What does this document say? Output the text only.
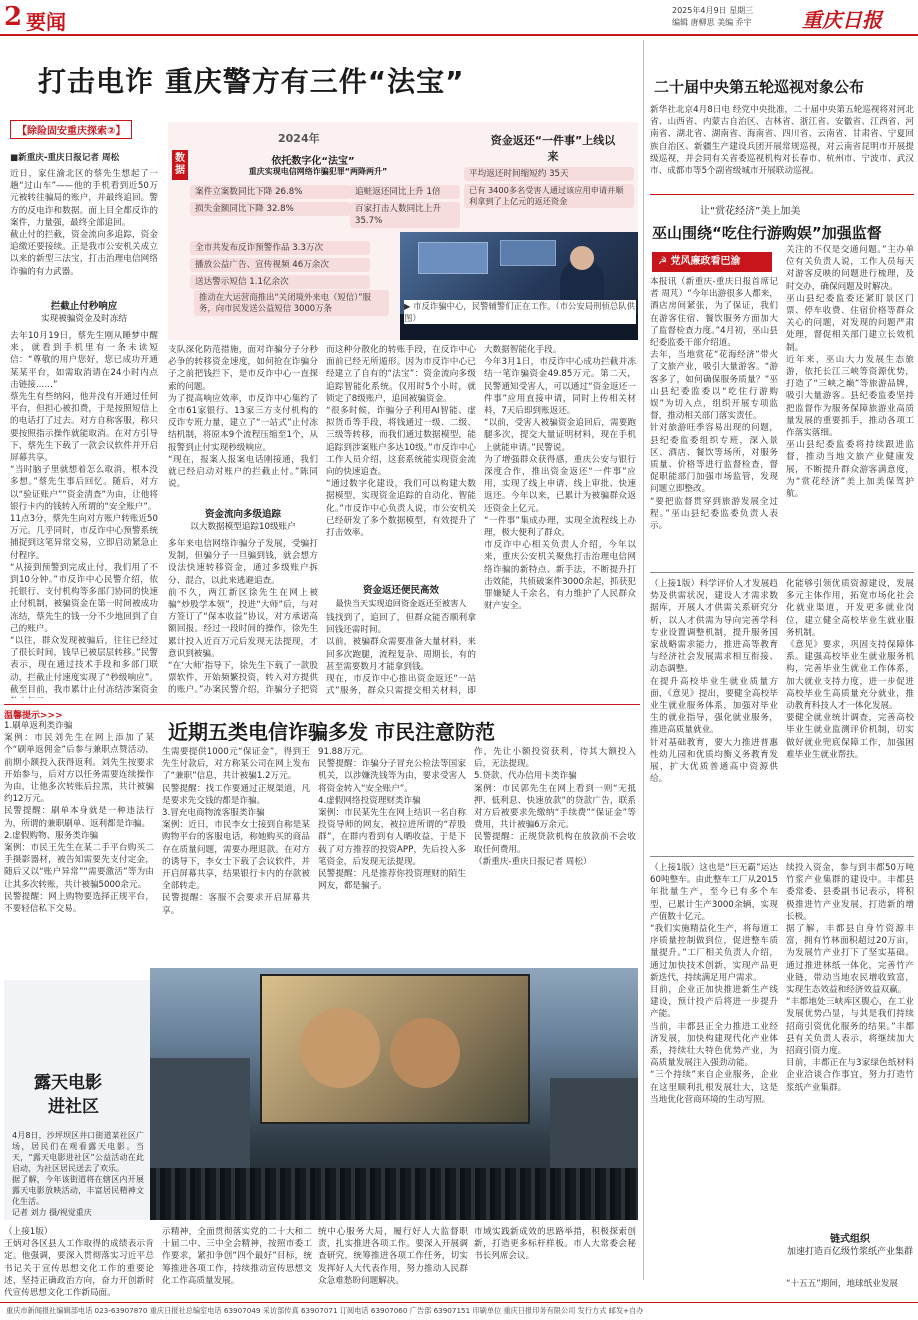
2 要闻	2025年4月9日 星期三
编辑 唐柳思 美编 乔宇	重庆日报
打击电诈 重庆警方有三件“法宝”
【除险固安重庆探索②】
■新重庆-重庆日报记者 周松
近日，家住渝北区的蔡先生想起了一趟“过山车”——他的手机看到近50万元被转往骗局的账户，并最终追回。警方的反电诈和数据。面上目全都反诈的案件，力量强，最终全部追回。
截止付的拦截，资金流向多追踪，资金追缴还要接续。正是我市公安机关成立以来的新型三法宝，打击治理电信网络诈骗的有力武器。
拦截止付秒响应
实现被骗资金及时冻结
去年10月19日，蔡先生刚从睡梦中醒来，就看到手机里有一条未读短信：“尊敬的用户您好，您已成功开通某某平台，如需取消请在24小时内点击链接……”
蔡先生有些纳闷，他并没有开通过任何平台，但担心被扣费，于是按照短信上的电话打了过去。对方自称客服，称只要按照指示操作就能取消。在对方引导下，蔡先生下载了一款会议软件并开启屏幕共享。
“当时脑子里就想着怎么取消，根本没多想。”蔡先生事后回忆。随后，对方以“验证账户”“资金清查”为由，让他将银行卡内的钱转入所谓的“安全账户”。
11点3分，蔡先生向对方账户转账近50万元。几乎同时，市反诈中心预警系统捕捉到这笔异常交易，立即启动紧急止付程序。
“从接到预警到完成止付，我们用了不到10分钟。”市反诈中心民警介绍，依托银行、支付机构等多部门协同的快速止付机制，被骗资金在第一时间被成功冻结，蔡先生的钱一分不少地回到了自己的账户。
“以往，群众发现被骗后，往往已经过了很长时间，钱早已被层层转移。”民警表示，现在通过技术手段和多部门联动，拦截止付速度实现了“秒级响应”。截至目前，我市累计止付冻结涉案资金
数据
2024年
依托数字化“法宝”
重庆实现电信网络诈骗犯罪“两降两升”
案件立案数同比下降 26.8%
损失金额同比下降 32.8%
追赃返还同比上升 1倍
百家打击人数同比上升 35.7%
全市共发布反诈预警作品 3.3万次
播放公益广告、宣传视频 46万余次
送达警示短信 1.1亿余次
推动在大运营商推出“关闭境外来电（短信）”服务，向市民发送公益短信 3000万条
资金返还“一件事”上线以来
平均返还时间缩短约 35天
已有 3400多名受害人通过该应用申请并顺利拿到了上亿元的返还资金
▶ 市反诈骗中心，民警辅警们正在工作。（市公安局刑侦总队供图）
支队深化防范措施，面对诈骗分子分秒必争的转移资金速度，如何抢在诈骗分子之前把钱拦下，是市反诈中心一直探索的问题。
为了提高响应效率，市反诈中心集约了全市61家银行、13家三方支付机构的反诈专班力量，建立了“一站式”止付冻结机制，将原本9个流程压缩至1个，从报警到止付实现秒级响应。
“现在，报案人报案电话刚接通，我们就已经启动对账户的拦截止付。”陈同说。
资金流向多级追踪
以大数据模型追踪10级账户
多年来电信网络诈骗分子发展，受骗打发制，但骗分子一旦骗到钱，就会想方设法快速转移资金，通过多级账户拆分、混合，以此来逃避追查。
前不久，两江新区徐先生在网上被骗“炒股学本领”，投进“大师”后，与对方签订了“保本收益”协议，对方承诺高额回报。经过一段时间的操作，徐先生累计投入近百万元后发现无法提现，才意识到被骗。
“在‘大师’指导下，徐先生下载了一款股票软件，开始频繁投资，转入对方提供的账户。”办案民警介绍，诈骗分子把资

而这种分散化的转账手段，在反诈中心面前已经无所遁形。因为市反诈中心已经建立了自有的“法宝”：资金流向多级追踪智能化系统。仅用时5个小时，就锁定了8级账户，追回被骗资金。
“很多时候，诈骗分子利用AI智能、虚拟货币等手段，将钱通过一级、二级、三级等转移，而我们通过数据模型，能追踪到涉案账户多达10级。”市反诈中心工作人员介绍，这套系统能实现资金流向的快速追查。
“通过数字化建设，我们可以构建大数据模型，实现资金追踪的自动化、智能化。”市反诈中心负责人说，市公安机关已经研发了多个数据模型，有效提升了打击效率。
资金返还便民高效
最快当天实现追回资金返还至被害人
钱找到了，追回了，但群众能否顺利拿回钱还需时间。
以前，被骗群众需要准备大量材料，来回多次跑腿，流程复杂、周期长，有的甚至需要数月才能拿到钱。
现在，市反诈中心推出资金返还“一站式”服务，群众只需提交相关材料，即

大数据智能化手段。
今年3月1日，市反诈中心成功拦截并冻结一笔诈骗资金49.85万元。第二天，民警通知受害人，可以通过“资金返还一件事”应用直接申请，同时上传相关材料，7天后即到账返还。
“以前，受害人被骗资金追回后，需要跑腿多次，提交大量证明材料，现在手机上就能申请。”民警说。
为了增强群众获得感，重庆公安与银行深度合作，推出资金返还“一件事”应用，实现了线上申请、线上审批、快速返还。今年以来，已累计为被骗群众返还资金上亿元。
“一件事”集成办理，实现全流程线上办理，极大便利了群众。
市反诈中心相关负责人介绍，今年以来，重庆公安机关聚焦打击治理电信网络诈骗的新特点、新手法，不断提升打击效能，共侦破案件3000余起，抓获犯罪嫌疑人千余名，有力维护了人民群众财产安全。
温馨提示>>>
近期五类电信诈骗多发 市民注意防范
1.刷单返利类诈骗
案例：市民刘先生在网上添加了某个“刷单返佣金”后参与兼职点赞活动，前期小额投入获得返利。刘先生按要求开始参与，后对方以任务需要连续操作为由，让他多次转账后拉黑，共计被骗约12万元。
民警提醒：刷单本身就是一种违法行为，所谓的兼职刷单、返利都是诈骗。
2.虚假购物、服务类诈骗
案例：市民王先生在某二手平台购买二手摄影器材，被告知需要先支付定金，随后又以“账户异常”“需要激活”等为由让其多次转账，共计被骗5000余元。
民警提醒：网上购物要选择正规平台，不要轻信私下交易。
生需要提供1000元“保证金”，得到王先生付款后，对方称某公司在网上发布了“兼职”信息，共计被骗1.2万元。
民警提醒：找工作要通过正规渠道，凡是要求先交钱的都是诈骗。
3.冒充电商物流客服类诈骗
案例：近日，市民李女士接到自称是某购物平台的客服电话，称她购买的商品存在质量问题，需要办理退款。在对方的诱导下，李女士下载了会议软件，并开启屏幕共享，结果银行卡内的存款被全部转走。
民警提醒：客服不会要求开启屏幕共享。
91.88万元。
民警提醒：诈骗分子冒充公检法等国家机关，以涉嫌洗钱等为由，要求受害人将资金转入“安全账户”。
4.虚假网络投资理财类诈骗
案例：市民某先生在网上结识一名自称投资导师的网友，被拉进所谓的“荐股群”，在群内看到有人晒收益，于是下载了对方推荐的投资APP，先后投入多笔资金，后发现无法提现。
民警提醒：凡是推荐你投资理财的陌生网友，都是骗子。
作，先让小额投资获利，待其大额投入后，无法提现。
5.贷款、代办信用卡类诈骗
案例：市民郭先生在网上看到一则“无抵押、低利息、快速放款”的贷款广告，联系对方后被要求先缴纳“手续费”“保证金”等费用，共计被骗6万余元。
民警提醒：正规贷款机构在放款前不会收取任何费用。
（新重庆-重庆日报记者 周松）
露天电影
进社区
4月8日，沙坪坝区井口街道某社区广场，居民们在观看露天电影。当天，“露天电影进社区”公益活动在此启动，为社区居民送去了欢乐。
据了解，今年该街道将在辖区内开展露天电影放映活动，丰富居民精神文化生活。
记者 刘力 摄/视觉重庆
（上接1版）
王炳对各区县人工作取得的成绩表示肯定。他强调，要深入贯彻落实习近平总书记关于宣传思想文化工作的重要论述，坚持正确政治方向，奋力开创新时代宣传思想文化工作新局面。
示精神，全面贯彻落实党的二十大和二十届二中、三中全会精神，按照市委工作要求，紧扣争创“四个最好”目标，统筹推进各项工作，持续推动宣传思想文化工作高质量发展。
统中心服务大局，履行好人大监督职责，扎实推进各项工作。要深入开展调查研究，统筹推进各项工作任务，切实发挥好人大代表作用，努力推动人民群众急难愁盼问题解决。
市域实践新成效的思路举措，积极探索创新，打造更多标杆样板。市人大常委会秘书长列席会议。
二十届中央第五轮巡视对象公布
新华社北京4月8日电 经党中央批准，二十届中央第五轮巡视将对河北省、山西省、内蒙古自治区、吉林省、浙江省、安徽省、江西省、河南省、湖北省、湖南省、海南省、四川省、云南省、甘肃省、宁夏回族自治区、新疆生产建设兵团开展常规巡视，对云南省昆明市开展提级巡视，并会同有关省委巡视机构对长春市、杭州市、宁波市、武汉市、成都市等5个副省级城市开展联动巡视。
让“赏花经济”美上加美
巫山围绕“吃住行游购娱”加强监督
☭ 党风廉政看巴渝
本报讯（新重庆-重庆日报首席记者 周芃）“今年出游很多人都来，酒店房间紧张，为了保证，我们在游客住宿、餐饮服务方面加大了监督检查力度。”4月初，巫山县纪委监委干部介绍道。
去年，当地赏花“花海经济”带火了文旅产业，吸引大量游客。“游客多了，如何确保服务质量？”巫山县纪委监委以“吃住行游购娱”为切入点，组织开展专项监督，推动相关部门落实责任。
针对旅游旺季容易出现的问题，县纪委监委组织专班，深入景区、酒店、餐饮等场所，对服务质量、价格等进行监督检查，督促职能部门加强市场监管，发现问题立即整改。
“要把监督贯穿到旅游发展全过程。”巫山县纪委监委负责人表示。
关注的不仅是交通问题。”主办单位有关负责人说，工作人员每天对游客反映的问题进行梳理，及时交办，确保问题及时解决。
巫山县纪委监委还紧盯景区门票、停车收费、住宿价格等群众关心的问题，对发现的问题严肃处理，督促相关部门建立长效机制。
近年来，巫山大力发展生态旅游，依托长江三峡等资源优势，打造了“三峡之巅”等旅游品牌，吸引大量游客。县纪委监委坚持把监督作为服务保障旅游业高质量发展的重要抓手，推动各项工作落实落细。
巫山县纪委监委将持续跟进监督，推动当地文旅产业健康发展，不断提升群众游客满意度，为“赏花经济”美上加美保驾护航。
（上接1版）科学评价人才发展趋势及供需状况，建设人才需求数据库，开展人才供需关系研究分析，以人才供需为导向完善学科专业设置调整机制，提升服务国家战略需求能力，推进高等教育与经济社会发展需求相互衔接、动态调整。
在提升高校毕业生就业质量方面，《意见》提出，要健全高校毕业生就业服务体系，加强对毕业生的就业指导，强化就业服务，推进高质量就业。
针对基础教育，要大力推进普惠性幼儿园和优质均衡义务教育发展，扩大优质普通高中资源供给。
化能够引领优质资源建设，发展多元主体作用，拓宽市场化社会化就业渠道，开发更多就业岗位，建立健全高校毕业生就业服务机制。
《意见》要求，巩固支持保障体系。建强高校毕业生就业服务机构，完善毕业生就业工作体系，加大就业支持力度，进一步促进高校毕业生高质量充分就业，推动教育科技人才一体化发展。
要健全就业统计调查，完善高校毕业生就业监测评价机制，切实做好就业兜底保障工作，加强困难毕业生就业帮扶。
（上接1版）这也是“巨无霸”运达60吨整车。由此整车工厂从2015年批量生产，至今已有多个车型，已累计生产3000余辆，实现产值数十亿元。
“我们实施精益化生产，将每道工序质量控制做到位，促进整车质量提升。”工厂相关负责人介绍，通过加快技术创新，实现产品更新迭代，持续满足用户需求。
目前，企业正加快推进新生产线建设，预计投产后将进一步提升产能。
当前，丰都县正全力推进工业经济发展，加快构建现代化产业体系，持续壮大特色优势产业，为高质量发展注入强劲动能。
“三个持续”来自企业服务，企业在这里顺利扎根发展壮大，这是当地优化营商环境的生动写照。
续投入资金，参与到丰都50万吨竹浆产业集群的建设中。丰都县委常委、县委副书记表示，将积极推进竹产业发展，打造新的增长极。
据了解，丰都县自身竹资源丰富，拥有竹林面积超过20万亩，为发展竹产业打下了坚实基础。通过推进林纸一体化，完善竹产业链，带动当地农民增收致富，实现生态效益和经济效益双赢。
“丰都地处三峡库区腹心，在工业发展优势凸显，与其是我们持续招商引资优化服务的结果。”丰都县有关负责人表示，将继续加大招商引资力度。
目前，丰都正在与3家绿色纸材料企业洽谈合作事宜，努力打造竹浆纸产业集群。
链式组织
加速打造百亿级竹浆纸产业集群
“十五五”期间，地球纸业发展
重庆市新闻报社编辑部电话 023-63907870 重庆日报社总编室电话 63907049 采访部传真 63907071 订阅电话 63907060 广告部 63907151 印刷单位 重庆日报印务有限公司 发行方式 邮发+自办
